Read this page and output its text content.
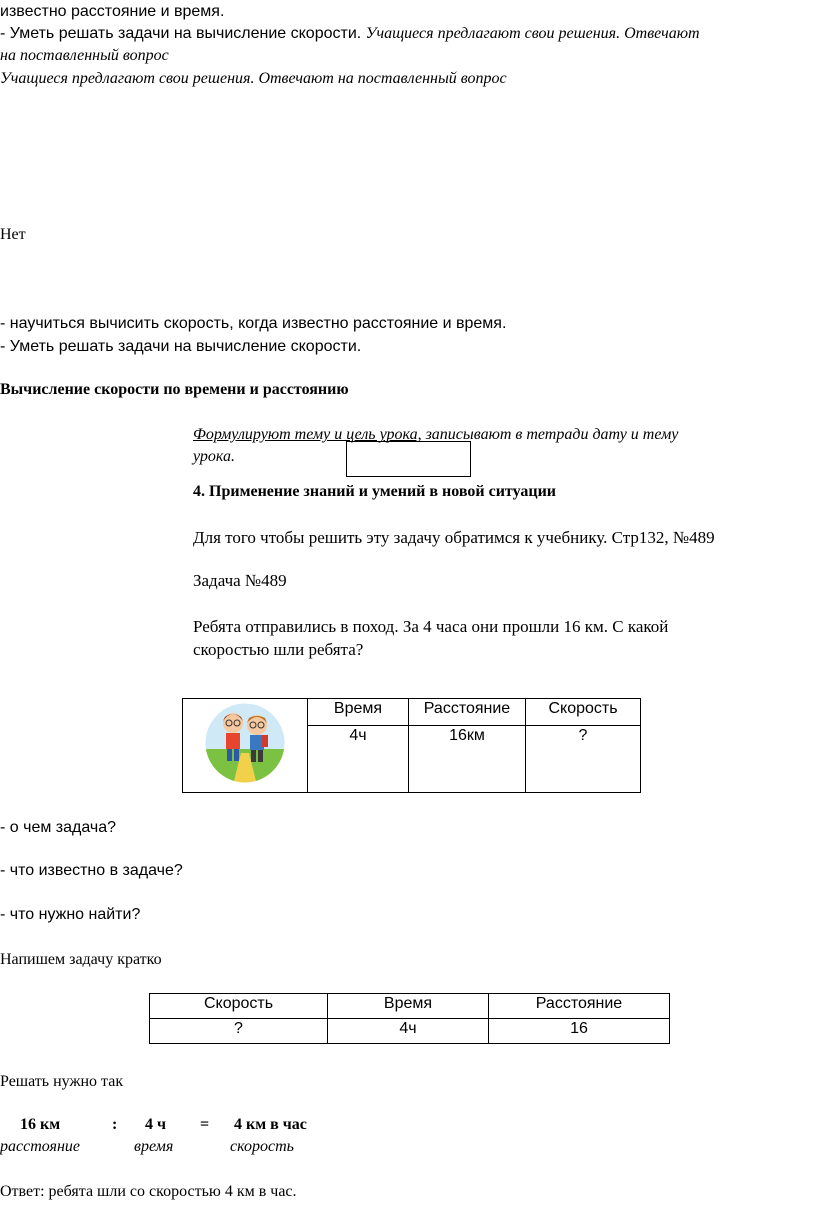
известно расстояние и время.
- Уметь решать задачи на вычисление скорости. Учащиеся предлагают свои решения. Отвечают
на поставленный вопрос
Учащиеся предлагают свои решения. Отвечают на поставленный вопрос
Нет
- научиться вычисить скорость, когда известно расстояние и время.
- Уметь решать задачи на вычисление скорости.
Вычисление скорости по времени и расстоянию
Формулируют тему и цель урока, записывают в тетради дату и тему
урока.
4. Применение знаний и умений в новой ситуации
Для того чтобы решить эту задачу обратимся к учебнику. Стр132, №489
Задача №489
Ребята отправились в поход. За 4 часа они прошли 16 км. С какой
скоростью шли ребята?
	Время	Расстояние	Скорость
	4ч	16км	?
- о чем задача?
- что известно в задаче?
- что нужно найти?
Напишем задачу кратко
Скорость	Время	Расстояние
?	4ч	16
Решать нужно так
16 км	: 4 ч = 4 км в час
расстояние	время	скорость
Ответ: ребята шли со скоростью 4 км в час.
